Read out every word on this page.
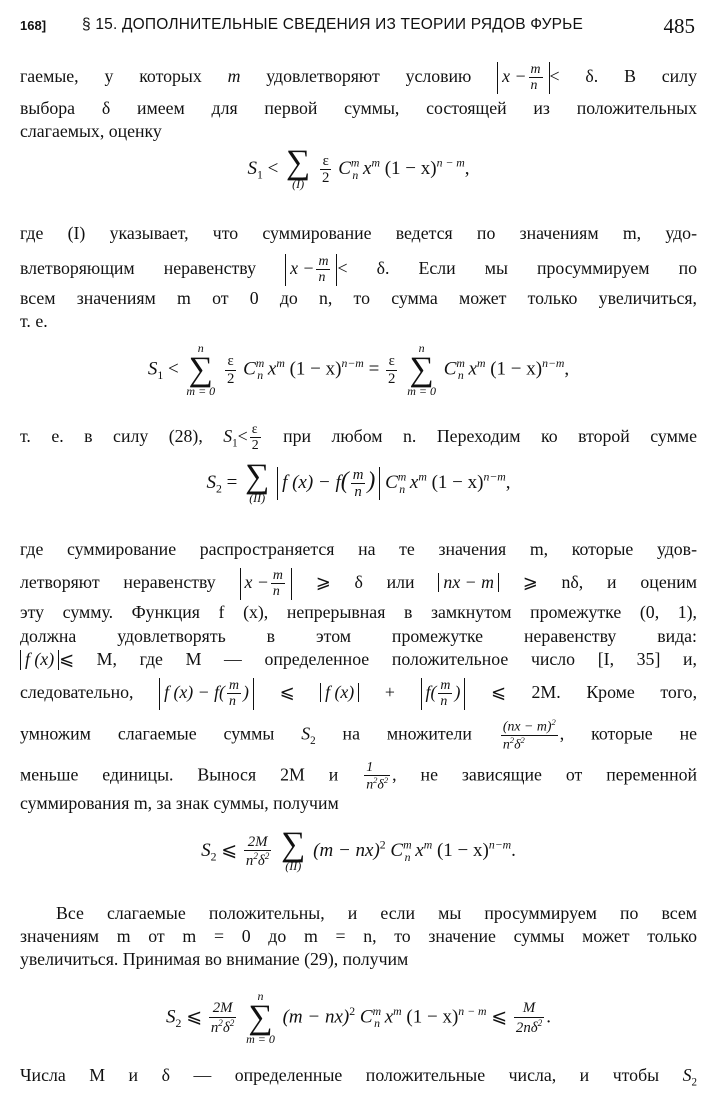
168] § 15. ДОПОЛНИТЕЛЬНЫЕ СВЕДЕНИЯ ИЗ ТЕОРИИ РЯДОВ ФУРЬЕ	485
гаемые, у которых m удовлетворяют условию $x - \frac{m}{n} < \delta$. В силу
выбора δ имеем для первой суммы, состоящей из положительных
слагаемых, оценку
$S_1$ < ∑
(I)
$\frac{\varepsilon}{2} C^m_n$ $x^m$ $(1 - x)^{n - m}$,
где (I) указывает, что суммирование ведется по значениям m, удо-
влетворяющим неравенству $x - \frac{m}{n} < \delta$. Если мы просуммируем по
всем значениям m от 0 до n, то сумма может только увеличиться,
т. е.
$S_1$ <
n
∑
m = 0

$\frac{\varepsilon}{2} C^m_n$ $x^m$ $(1 - x)^{n-m} = \frac{\varepsilon}{2}$

n
∑
m = 0
$C^m_n$ $x^m$ $(1 - x)^{n-m}$,
т. е. в силу (28), $S_1< \frac{\varepsilon}{2}$ при любом n. Переходим ко второй сумме
$S_2$ = ∑
(II)
f $(x) - f( \frac{m}{n}$ ) $C^m_n$ $x^m$ $(1 - x)^{n-m}$,
где суммирование распространяется на те значения m, которые удов-
летворяют неравенству $x - \frac{m}{n}$ ⩾ δ или nx − m ⩾ nδ, и оценим
эту сумму. Функция f (x), непрерывная в замкнутом промежутке (0, 1),
должна удовлетворять в этом промежутке неравенству вида:
f (x) ⩽ M, где M — определенное положительное число [I, 35] и,
следовательно, f $(x) - f( \frac{m}{n}$ ) ⩽ f $(x) + f( \frac{m}{n}$ ) ⩽ 2M. Кроме того,
умножим слагаемые суммы $S_2$ на множители $\frac{(nx - m)^2}{n^2\delta^2}$ , которые не
меньше единицы. Вынося 2M и $\frac{1}{n^2\delta^2}$ , не зависящие от переменной
суммирования m, за знак суммы, получим
$S_2$ ⩽ $\frac{2M}{n^2\delta^2}$
∑
(II)
(m − nx)$^2$ $C^m_n$ $x^m$ $(1 - x)^{n-m}$.
Все слагаемые положительны, и если мы просуммируем по всем
значениям m от m = 0 до m = n, то значение суммы может только
увеличиться. Принимая во внимание (29), получим
$S_2$ ⩽ $\frac{2M}{n^2\delta^2}$

n
∑
m = 0
(m − nx)$^2$ $C^m_n$ $x^m$ $(1 - x)^{n - m}$ ⩽ $\frac{M}{2n\delta^2}$ .
Числа M и δ — определенные положительные числа, и чтобы $S_2$
